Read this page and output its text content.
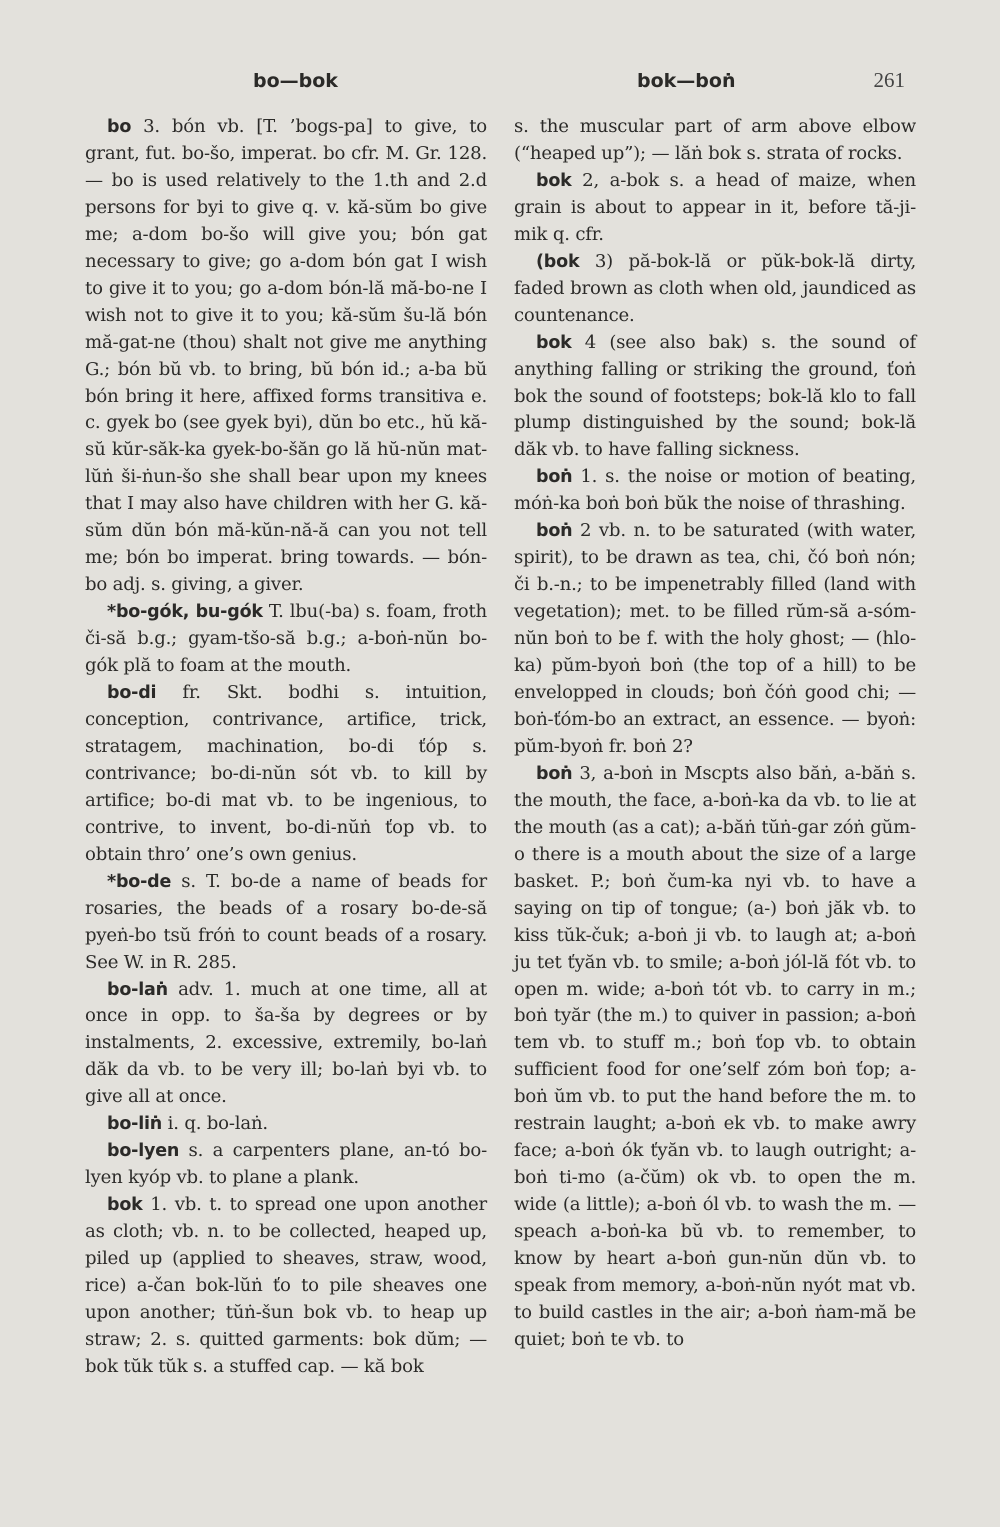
bo—bok	bok—boṅ	261

bo 3. bón vb. [T. ’bogs-pa] to give, to grant, fut. bo-šo, imperat. bo cfr. M. Gr. 128. — bo is used relatively to the 1.th and 2.d persons for byi to give q. v. kă-sŭm bo give me; a-dom bo-šo will give you; bón gat necessary to give; go a-dom bón gat I wish to give it to you; go a-dom bón-lă mă-bo-ne I wish not to give it to you; kă-sŭm šu-lă bón mă-gat-ne (thou) shalt not give me anything G.; bón bŭ vb. to bring, bŭ bón id.; a-ba bŭ bón bring it here, affixed forms transitiva e. c. gyek bo (see gyek byi), dŭn bo etc., hŭ kă-sŭ kŭr-săk-ka gyek-bo-šăn go lă hŭ-nŭn mat-lŭṅ ši-ṅun-šo she shall bear upon my knees that I may also have children with her G. kă-sŭm dŭn bón mă-kŭn-nă-ă can you not tell me; bón bo imperat. bring towards. — bón-bo adj. s. giving, a giver.

*bo-gók, bu-gók T. lbu(-ba) s. foam, froth či-să b.g.; gyam-tšo-să b.g.; a-boṅ-nŭn bo-gók plă to foam at the mouth.

bo-di fr. Skt. bodhi s. intuition, conception, contrivance, artifice, trick, stratagem, machination, bo-di ťóp s. contrivance; bo-di-nŭn sót vb. to kill by artifice; bo-di mat vb. to be ingenious, to contrive, to invent, bo-di-nŭṅ ťop vb. to obtain thro’ one’s own genius.

*bo-de s. T. bo-de a name of beads for rosaries, the beads of a rosary bo-de-să pyeṅ-bo tsŭ fróṅ to count beads of a rosary. See W. in R. 285.

bo-laṅ adv. 1. much at one time, all at once in opp. to ša-ša by degrees or by instalments, 2. excessive, extremily, bo-laṅ dăk da vb. to be very ill; bo-laṅ byi vb. to give all at once.

bo-liṅ i. q. bo-laṅ.

bo-lyen s. a carpenters plane, an-tó bo-lyen kyóp vb. to plane a plank.

bok 1. vb. t. to spread one upon another as cloth; vb. n. to be collected, heaped up, piled up (applied to sheaves, straw, wood, rice) a-čan bok-lŭṅ ťo to pile sheaves one upon another; tŭṅ-šun bok vb. to heap up straw; 2. s. quitted garments: bok dŭm; — bok tŭk tŭk s. a stuffed cap. — kă bok

s. the muscular part of arm above elbow (“heaped up”); — lăṅ bok s. strata of rocks.

bok 2, a-bok s. a head of maize, when grain is about to appear in it, before tă-ji-mik q. cfr.

(bok 3) pă-bok-lă or pŭk-bok-lă dirty, faded brown as cloth when old, jaundiced as countenance.

bok 4 (see also bak) s. the sound of anything falling or striking the ground, ťoṅ bok the sound of footsteps; bok-lă klo to fall plump distinguished by the sound; bok-lă dăk vb. to have falling sickness.

boṅ 1. s. the noise or motion of beating, móṅ-ka boṅ boṅ bŭk the noise of thrashing.

boṅ 2 vb. n. to be saturated (with water, spirit), to be drawn as tea, chi, čó boṅ nón; či b.-n.; to be impenetrably filled (land with vegetation); met. to be filled rŭm-să a-sóm-nŭn boṅ to be f. with the holy ghost; — (hlo-ka) pŭm-byoṅ boṅ (the top of a hill) to be envelopped in clouds; boṅ čóṅ good chi; — boṅ-ťóm-bo an extract, an essence. — byoṅ: pŭm-byoṅ fr. boṅ 2?

boṅ 3, a-boṅ in Mscpts also băṅ, a-băṅ s. the mouth, the face, a-boṅ-ka da vb. to lie at the mouth (as a cat); a-băṅ tŭṅ-gar zóṅ gŭm-o there is a mouth about the size of a large basket. P.; boṅ čum-ka nyi vb. to have a saying on tip of tongue; (a-) boṅ jăk vb. to kiss tŭk-čuk; a-boṅ ji vb. to laugh at; a-boṅ ju tet ťyăn vb. to smile; a-boṅ jól-lă fót vb. to open m. wide; a-boṅ tót vb. to carry in m.; boṅ tyăr (the m.) to quiver in passion; a-boṅ tem vb. to stuff m.; boṅ ťop vb. to obtain sufficient food for one’self zóm boṅ ťop; a-boṅ ŭm vb. to put the hand before the m. to restrain laught; a-boṅ ek vb. to make awry face; a-boṅ ók ťyăn vb. to laugh outright; a-boṅ ti-mo (a-čŭm) ok vb. to open the m. wide (a little); a-boṅ ól vb. to wash the m. — speach a-boṅ-ka bŭ vb. to remember, to know by heart a-boṅ gun-nŭn dŭn vb. to speak from memory, a-boṅ-nŭn nyót mat vb. to build castles in the air; a-boṅ ṅam-mă be quiet; boṅ te vb. to
